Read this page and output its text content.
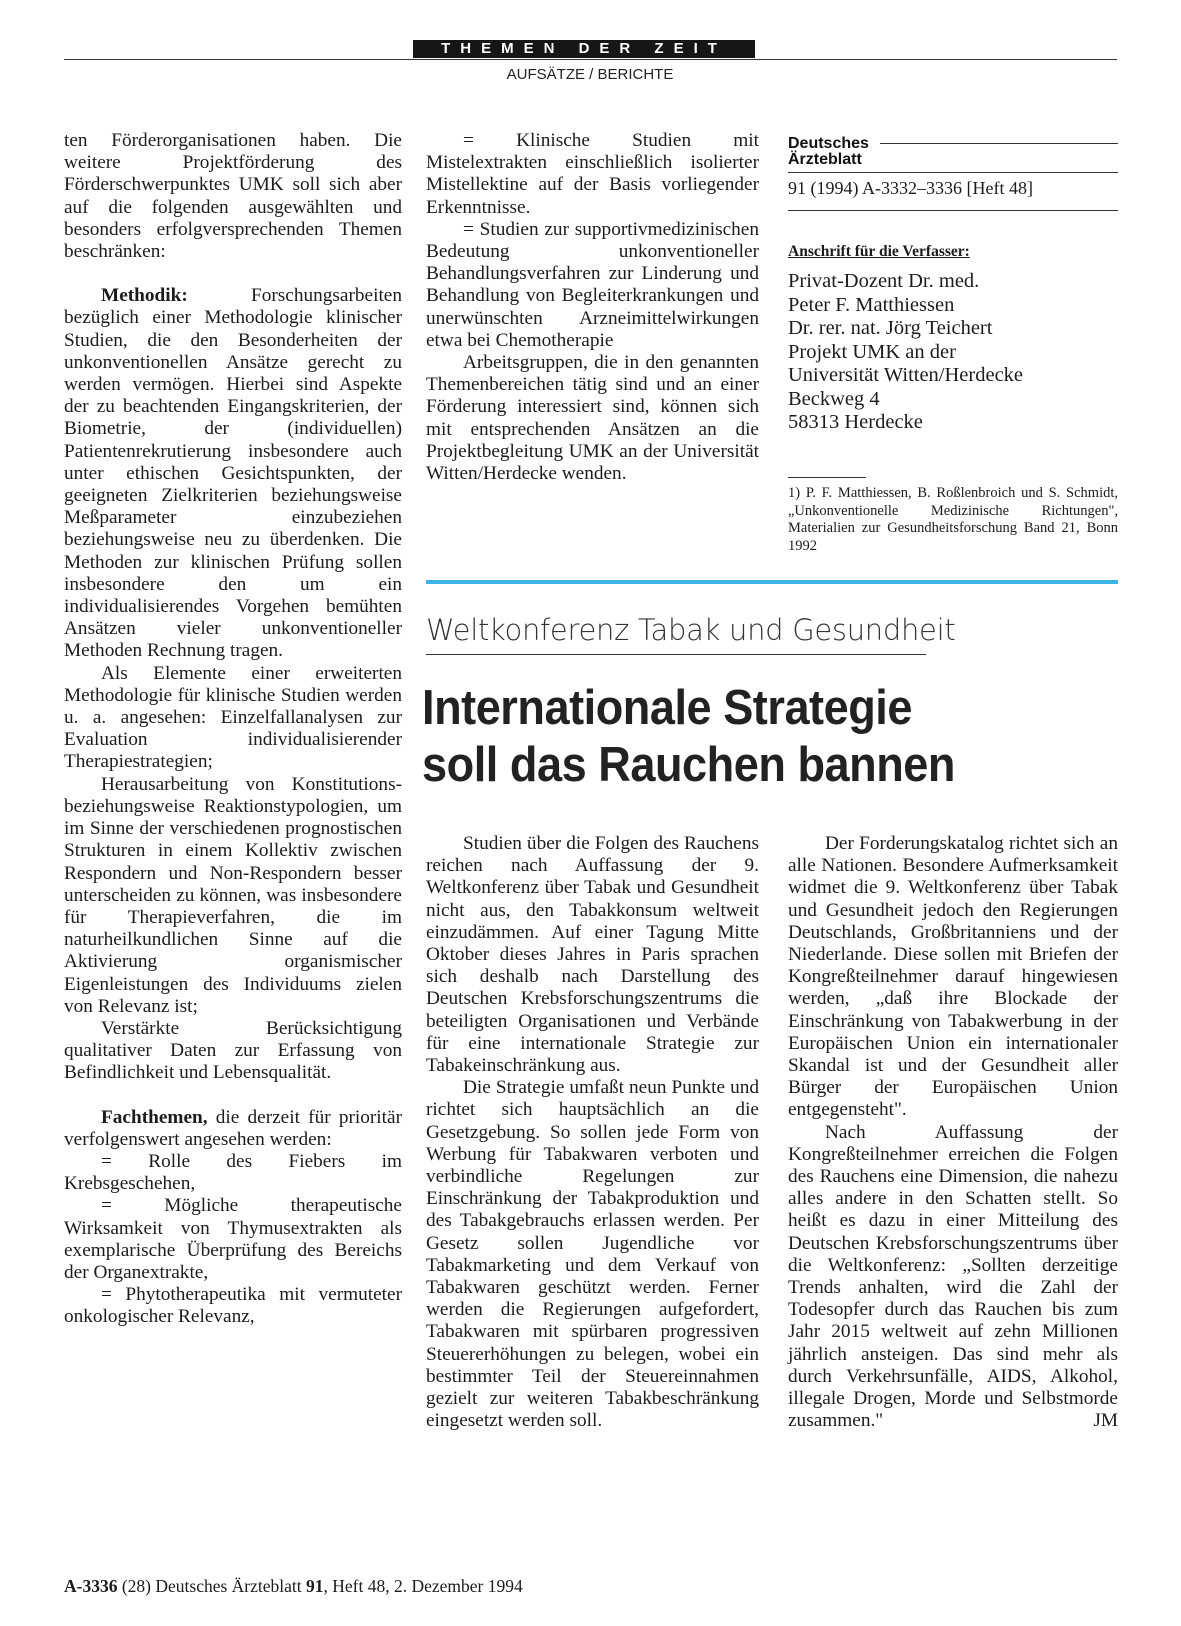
THEMEN DER ZEIT
AUFSÄTZE / BERICHTE

ten Förderorganisationen haben. Die weitere Projektförderung des Förderschwerpunktes UMK soll sich aber auf die folgenden ausgewählten und besonders erfolgversprechenden Themen beschränken:

Methodik: Forschungsarbeiten bezüglich einer Methodologie klinischer Studien, die den Besonderheiten der unkonventionellen Ansätze gerecht zu werden vermögen. Hierbei sind Aspekte der zu beachtenden Eingangskriterien, der Biometrie, der (individuellen) Patientenrekrutierung insbesondere auch unter ethischen Gesichtspunkten, der geeigneten Zielkriterien beziehungsweise Meßparameter einzubeziehen beziehungsweise neu zu überdenken. Die Methoden zur klinischen Prüfung sollen insbesondere den um ein individualisierendes Vorgehen bemühten Ansätzen vieler unkonventioneller Methoden Rechnung tragen.

Als Elemente einer erweiterten Methodologie für klinische Studien werden u. a. angesehen: Einzelfallanalysen zur Evaluation individualisierender Therapiestrategien;

Herausarbeitung von Konstitutions- beziehungsweise Reaktionstypologien, um im Sinne der verschiedenen prognostischen Strukturen in einem Kollektiv zwischen Respondern und Non-Respondern besser unterscheiden zu können, was insbesondere für Therapieverfahren, die im naturheilkundlichen Sinne auf die Aktivierung organismischer Eigenleistungen des Individuums zielen von Relevanz ist;

Verstärkte Berücksichtigung qualitativer Daten zur Erfassung von Befindlichkeit und Lebensqualität.

Fachthemen, die derzeit für prioritär verfolgenswert angesehen werden:

= Rolle des Fiebers im Krebsgeschehen,

= Mögliche therapeutische Wirksamkeit von Thymusextrakten als exemplarische Überprüfung des Bereichs der Organextrakte,

= Phytotherapeutika mit vermuteter onkologischer Relevanz,

= Klinische Studien mit Mistelextrakten einschließlich isolierter Mistellektine auf der Basis vorliegender Erkenntnisse.

= Studien zur supportivmedizinischen Bedeutung unkonventioneller Behandlungsverfahren zur Linderung und Behandlung von Begleiterkrankungen und unerwünschten Arzneimittelwirkungen etwa bei Chemotherapie

Arbeitsgruppen, die in den genannten Themenbereichen tätig sind und an einer Förderung interessiert sind, können sich mit entsprechenden Ansätzen an die Projektbegleitung UMK an der Universität Witten/Herdecke wenden.

Deutsches
Ärzteblatt
91 (1994) A-3332–3336 [Heft 48]
Anschrift für die Verfasser:
Privat-Dozent Dr. med.
Peter F. Matthiessen
Dr. rer. nat. Jörg Teichert
Projekt UMK an der
Universität Witten/Herdecke
Beckweg 4
58313 Herdecke
1) P. F. Matthiessen, B. Roßlenbroich und S. Schmidt, „Unkonventionelle Medizinische Richtungen", Materialien zur Gesundheitsforschung Band 21, Bonn 1992
Weltkonferenz Tabak und Gesundheit
Internationale Strategie
soll das Rauchen bannen

Studien über die Folgen des Rauchens reichen nach Auffassung der 9. Weltkonferenz über Tabak und Gesundheit nicht aus, den Tabakkonsum weltweit einzudämmen. Auf einer Tagung Mitte Oktober dieses Jahres in Paris sprachen sich deshalb nach Darstellung des Deutschen Krebsforschungszentrums die beteiligten Organisationen und Verbände für eine internationale Strategie zur Tabakeinschränkung aus.

Die Strategie umfaßt neun Punkte und richtet sich hauptsächlich an die Gesetzgebung. So sollen jede Form von Werbung für Tabakwaren verboten und verbindliche Regelungen zur Einschränkung der Tabakproduktion und des Tabakgebrauchs erlassen werden. Per Gesetz sollen Jugendliche vor Tabakmarketing und dem Verkauf von Tabakwaren geschützt werden. Ferner werden die Regierungen aufgefordert, Tabakwaren mit spürbaren progressiven Steuererhöhungen zu belegen, wobei ein bestimmter Teil der Steuereinnahmen gezielt zur weiteren Tabakbeschränkung eingesetzt werden soll.

Der Forderungskatalog richtet sich an alle Nationen. Besondere Aufmerksamkeit widmet die 9. Weltkonferenz über Tabak und Gesundheit jedoch den Regierungen Deutschlands, Großbritanniens und der Niederlande. Diese sollen mit Briefen der Kongreßteilnehmer darauf hingewiesen werden, „daß ihre Blockade der Einschränkung von Tabakwerbung in der Europäischen Union ein internationaler Skandal ist und der Gesundheit aller Bürger der Europäischen Union entgegensteht".

Nach Auffassung der Kongreßteilnehmer erreichen die Folgen des Rauchens eine Dimension, die nahezu alles andere in den Schatten stellt. So heißt es dazu in einer Mitteilung des Deutschen Krebsforschungszentrums über die Weltkonferenz: „Sollten derzeitige Trends anhalten, wird die Zahl der Todesopfer durch das Rauchen bis zum Jahr 2015 weltweit auf zehn Millionen jährlich ansteigen. Das sind mehr als durch Verkehrsunfälle, AIDS, Alkohol, illegale Drogen, Morde und Selbstmorde zusammen."	JM

A-3336 (28) Deutsches Ärzteblatt 91, Heft 48, 2. Dezember 1994
